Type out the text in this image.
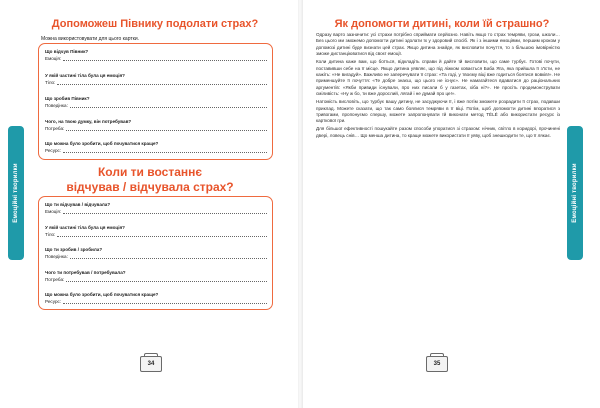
Емоційні творилки
Допоможеш Півнику подолати страх?
Можна використовувати для цього картки.
Що відчув Півник?
Емоція:
У якій частині тіла була ця емоція?
Тіло:
Що зробив Півник?
Поведінка:
Чого, на твою думку, він потребував?
Потреба:
Що можна було зробити, щоб почуватися краще?
Ресурс:
Коли ти востаннє
відчував / відчувала страх?
Що ти відчував / відчувала?
Емоція:
У якій частині тіла була ця емоція?
Тіло:
Що ти зробив / зробила?
Поведінка:
Чого ти потребував / потребувала?
Потреба:
Що можна було зробити, щоб почуватися краще?
Ресурс:
34
Емоційні творилки
Як допомогти дитині, коли їй страшно?

Одразу варто зазначити: усі страхи потрібно сприймати серйозно. Навіть якщо то страх темряви, грози, школи… Без цього ми зможемо допомогти дитині здолати їх у здоровий спосіб. Як і з іншими емоціями, першим кроком у допомозі дитині буде визнати цей страх. Якщо дитина знайде, як висловити почуття, то з більшою імовірністю зможе дистанціюватися від своєї емоції.

Коли дитина каже вам, що боїться, відкладіть справи й дайте їй висловити, що саме турбує. Готові почути, поставивши себе на її місце. Якщо дитина уявляє, що під ліжком ховається Баба Яга, яка прийшла її з'їсти, не кажіть: «Не вигадуй». Важливо не заперечувати її страх: «Та годі, у твоєму віці вже годиться боятися вовків!». Не применшуйте її почуття: «Те добре знаєш, що цього не існує». Не намагайтеся вдаватися до раціональних аргументів: «Якби привиди існували, про них писали б у газетах, хіба ні?». Не просіть продемонструвати сміливість: «Ну ж бо, ти вже дорослий, лягай і не думай про це!».

Натомість висловіть, що турбує вашу дитину, не засуджуючи її, і вже потім зможете розрадити її страх, подавши приклад. Можете сказати, що так само боялися темряви в її віці. Потім, щоб допомогти дитині впоратися з тривогами, пропонуємо спершу, можете запропонувати їй виконати метод TÉLÉ або використати ресурс із карткової гри.

Для більшої ефективності пошукайте разом способи упоратися зі страхом: нічник, світло в коридорі, прочинені двері, ловець снів… Що менша дитина, то краще можете використати її уяву, щоб знешкодити те, що її лякає.

35
